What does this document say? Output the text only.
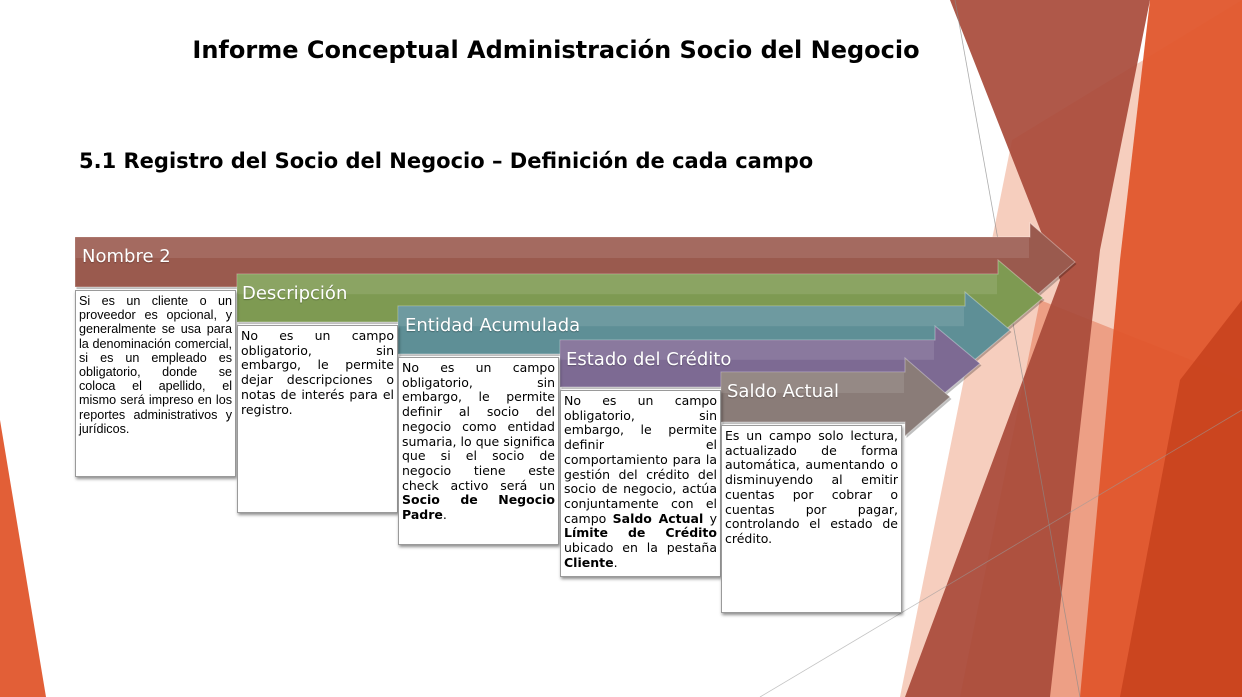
Informe Conceptual Administración Socio del Negocio
5.1 Registro del Socio del Negocio – Definición de cada campo
Nombre 2
Descripción
Entidad Acumulada
Estado del Crédito
Saldo Actual
Si es un cliente o un proveedor es opcional, y generalmente se usa para la denominación comercial, si es un empleado es obligatorio, donde se coloca el apellido, el mismo será impreso en los reportes administrativos y jurídicos.
No es un campo obligatorio, sin embargo, le permite dejar descripciones o notas de interés para el registro.
No es un campo obligatorio, sin embargo, le permite definir al socio del negocio como entidad sumaria, lo que significa que si el socio de negocio tiene este check activo será un Socio de Negocio Padre.
No es un campo obligatorio, sin embargo, le permite definir el comportamiento para la gestión del crédito del socio de negocio, actúa conjuntamente con el campo Saldo Actual y Límite de Crédito ubicado en la pestaña Cliente.
Es un campo solo lectura, actualizado de forma automática, aumentando o disminuyendo al emitir cuentas por cobrar o cuentas por pagar, controlando el estado de crédito.
